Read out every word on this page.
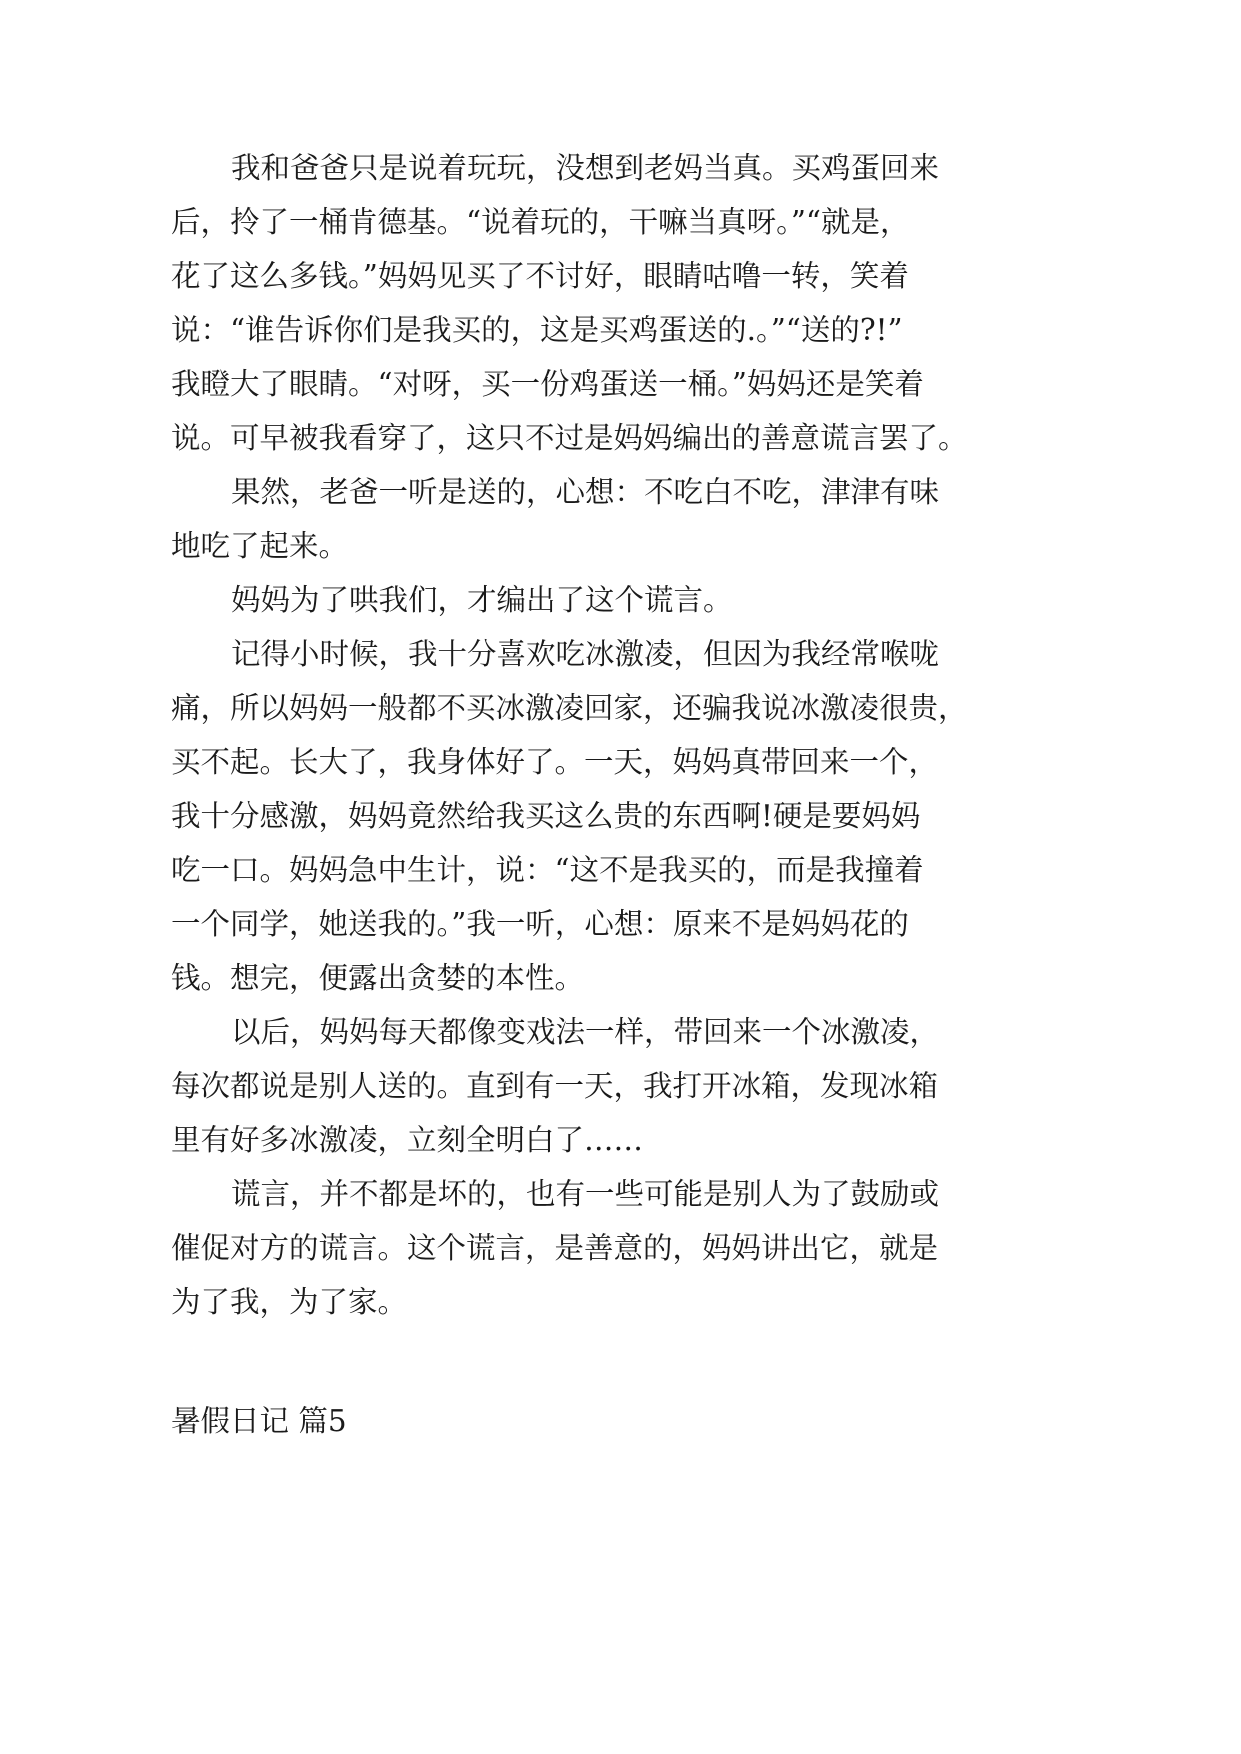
我和爸爸只是说着玩玩，没想到老妈当真。买鸡蛋回来
后，拎了一桶肯德基。“说着玩的，干嘛当真呀。”“就是，
花了这么多钱。”妈妈见买了不讨好，眼睛咕噜一转，笑着
说：“谁告诉你们是我买的，这是买鸡蛋送的.。”“送的?!”
我瞪大了眼睛。“对呀，买一份鸡蛋送一桶。”妈妈还是笑着
说。可早被我看穿了，这只不过是妈妈编出的善意谎言罢了。
果然，老爸一听是送的，心想：不吃白不吃，津津有味
地吃了起来。
妈妈为了哄我们，才编出了这个谎言。
记得小时候，我十分喜欢吃冰激凌，但因为我经常喉咙
痛，所以妈妈一般都不买冰激凌回家，还骗我说冰激凌很贵，
买不起。长大了，我身体好了。一天，妈妈真带回来一个，
我十分感激，妈妈竟然给我买这么贵的东西啊!硬是要妈妈
吃一口。妈妈急中生计，说：“这不是我买的，而是我撞着
一个同学，她送我的。”我一听，心想：原来不是妈妈花的
钱。想完，便露出贪婪的本性。
以后，妈妈每天都像变戏法一样，带回来一个冰激凌，
每次都说是别人送的。直到有一天，我打开冰箱，发现冰箱
里有好多冰激凌，立刻全明白了……
谎言，并不都是坏的，也有一些可能是别人为了鼓励或
催促对方的谎言。这个谎言，是善意的，妈妈讲出它，就是
为了我，为了家。
暑假日记 篇5
